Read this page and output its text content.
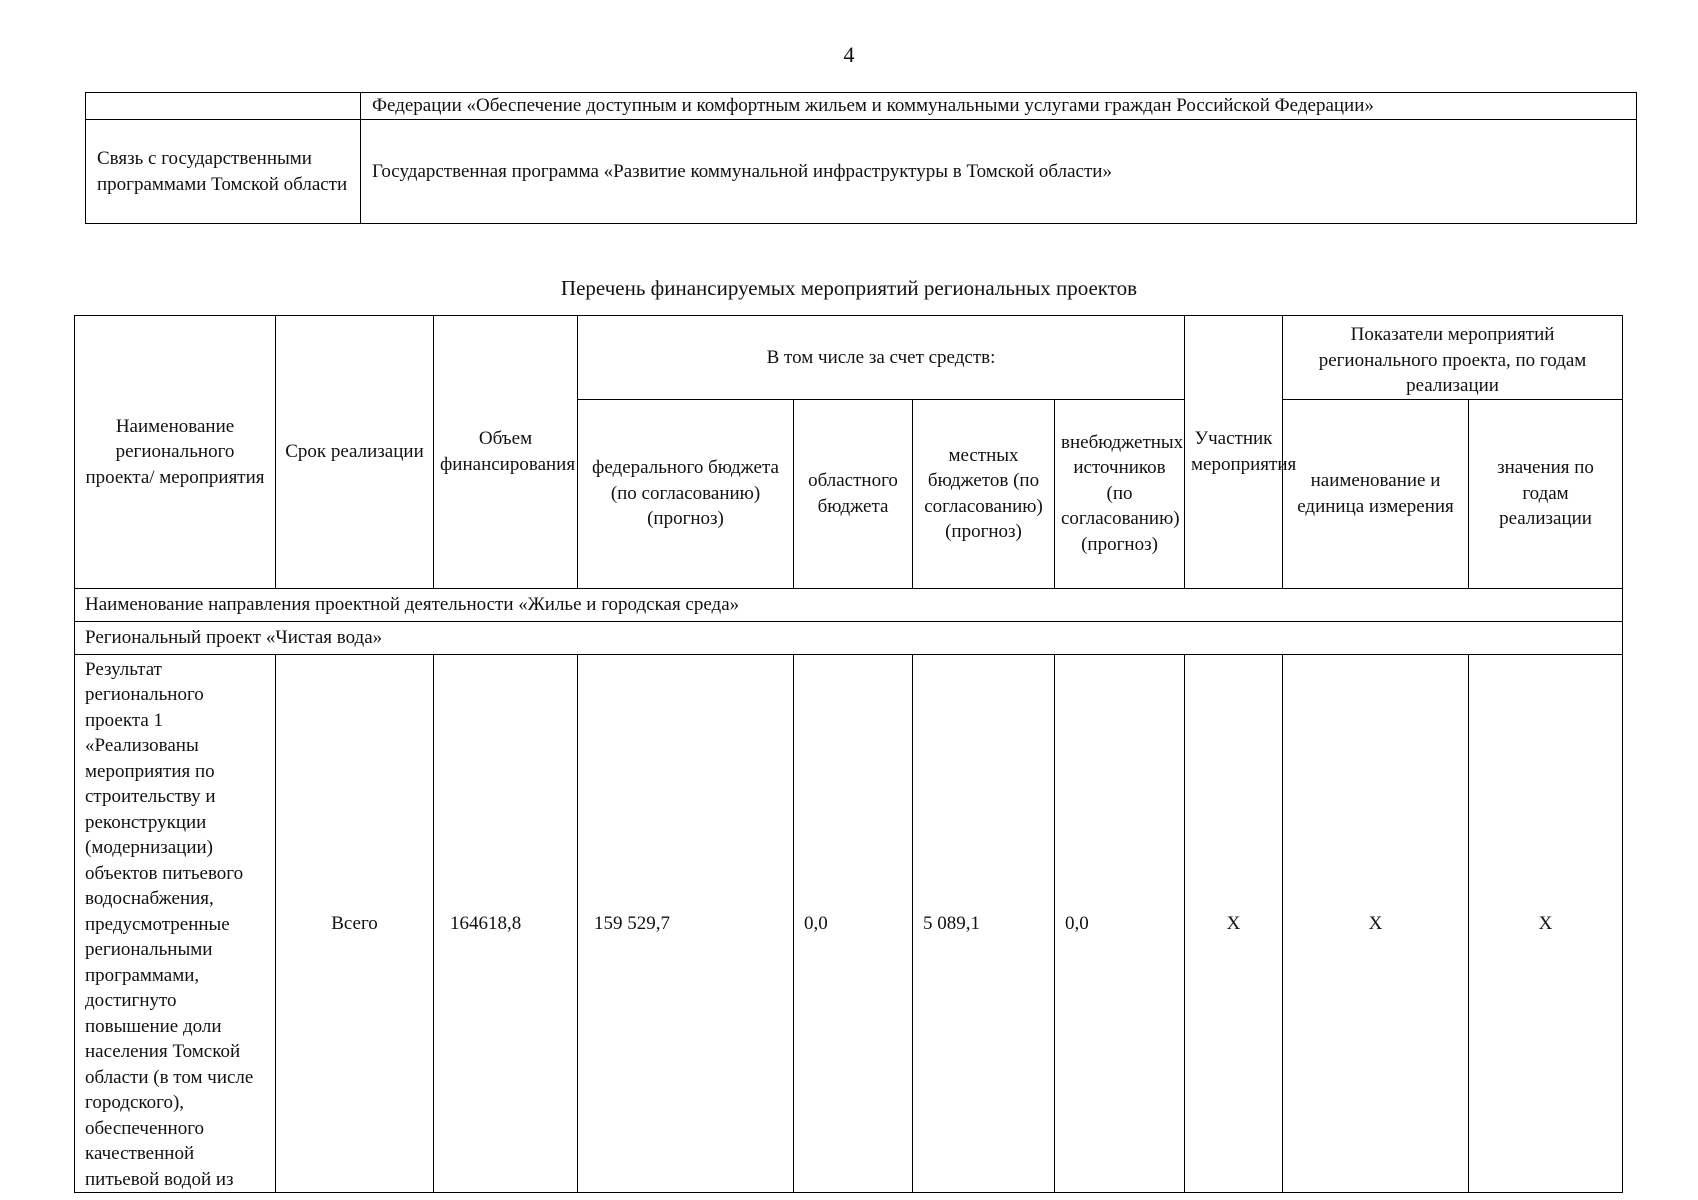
4
	Федерации «Обеспечение доступным и комфортным жильем и коммунальными услугами граждан Российской Федерации»
Связь с государственными программами Томской области	Государственная программа «Развитие коммунальной инфраструктуры в Томской области»
Перечень финансируемых мероприятий региональных проектов
Наименование регионального проекта/ мероприятия	Срок реализации	Объем финансирования	В том числе за счет средств:				Участник мероприятия	Показатели мероприятий регионального проекта, по годам реализации	
			федерального бюджета (по согласованию) (прогноз)	областного бюджета	местных бюджетов (по согласованию) (прогноз)	внебюджетных источников (по согласованию) (прогноз)		наименование и единица измерения	значения по годам реализации
Наименование направления проектной деятельности «Жилье и городская среда»									
Региональный проект «Чистая вода»									
Результат регионального проекта 1 «Реализованы мероприятия по строительству и реконструкции (модернизации) объектов питьевого водоснабжения, предусмотренные региональными программами, достигнуто повышение доли населения Томской области (в том числе городского), обеспеченного качественной питьевой водой из	Всего	164618,8	159 529,7	0,0	5 089,1	0,0	Х	Х	Х
